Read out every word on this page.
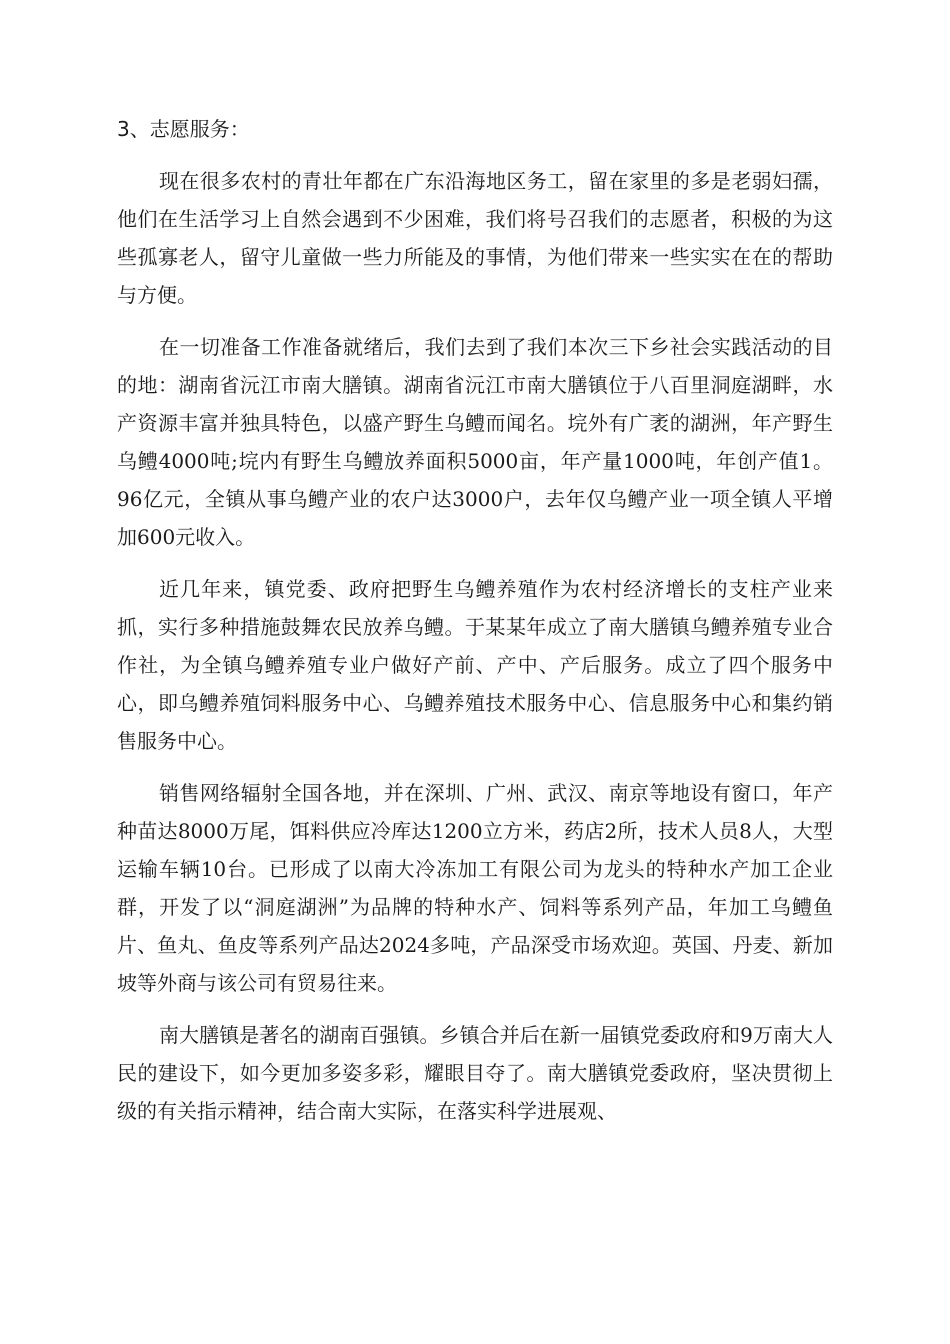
3、志愿服务：

现在很多农村的青壮年都在广东沿海地区务工，留在家里的多是老弱妇孺，他们在生活学习上自然会遇到不少困难，我们将号召我们的志愿者，积极的为这些孤寡老人，留守儿童做一些力所能及的事情，为他们带来一些实实在在的帮助与方便。

在一切准备工作准备就绪后，我们去到了我们本次三下乡社会实践活动的目的地：湖南省沅江市南大膳镇。湖南省沅江市南大膳镇位于八百里洞庭湖畔，水产资源丰富并独具特色，以盛产野生乌鳢而闻名。垸外有广袤的湖洲，年产野生乌鳢4000吨;垸内有野生乌鳢放养面积5000亩，年产量1000吨，年创产值1。96亿元，全镇从事乌鳢产业的农户达3000户，去年仅乌鳢产业一项全镇人平增加600元收入。

近几年来，镇党委、政府把野生乌鳢养殖作为农村经济增长的支柱产业来抓，实行多种措施鼓舞农民放养乌鳢。于某某年成立了南大膳镇乌鳢养殖专业合作社，为全镇乌鳢养殖专业户做好产前、产中、产后服务。成立了四个服务中心，即乌鳢养殖饲料服务中心、乌鳢养殖技术服务中心、信息服务中心和集约销售服务中心。

销售网络辐射全国各地，并在深圳、广州、武汉、南京等地设有窗口，年产种苗达8000万尾，饵料供应冷库达1200立方米，药店2所，技术人员8人，大型运输车辆10台。已形成了以南大冷冻加工有限公司为龙头的特种水产加工企业群，开发了以“洞庭湖洲”为品牌的特种水产、饲料等系列产品，年加工乌鳢鱼片、鱼丸、鱼皮等系列产品达2024多吨，产品深受市场欢迎。英国、丹麦、新加坡等外商与该公司有贸易往来。

南大膳镇是著名的湖南百强镇。乡镇合并后在新一届镇党委政府和9万南大人民的建设下，如今更加多姿多彩，耀眼目夺了。南大膳镇党委政府，坚决贯彻上级的有关指示精神，结合南大实际，在落实科学进展观、
